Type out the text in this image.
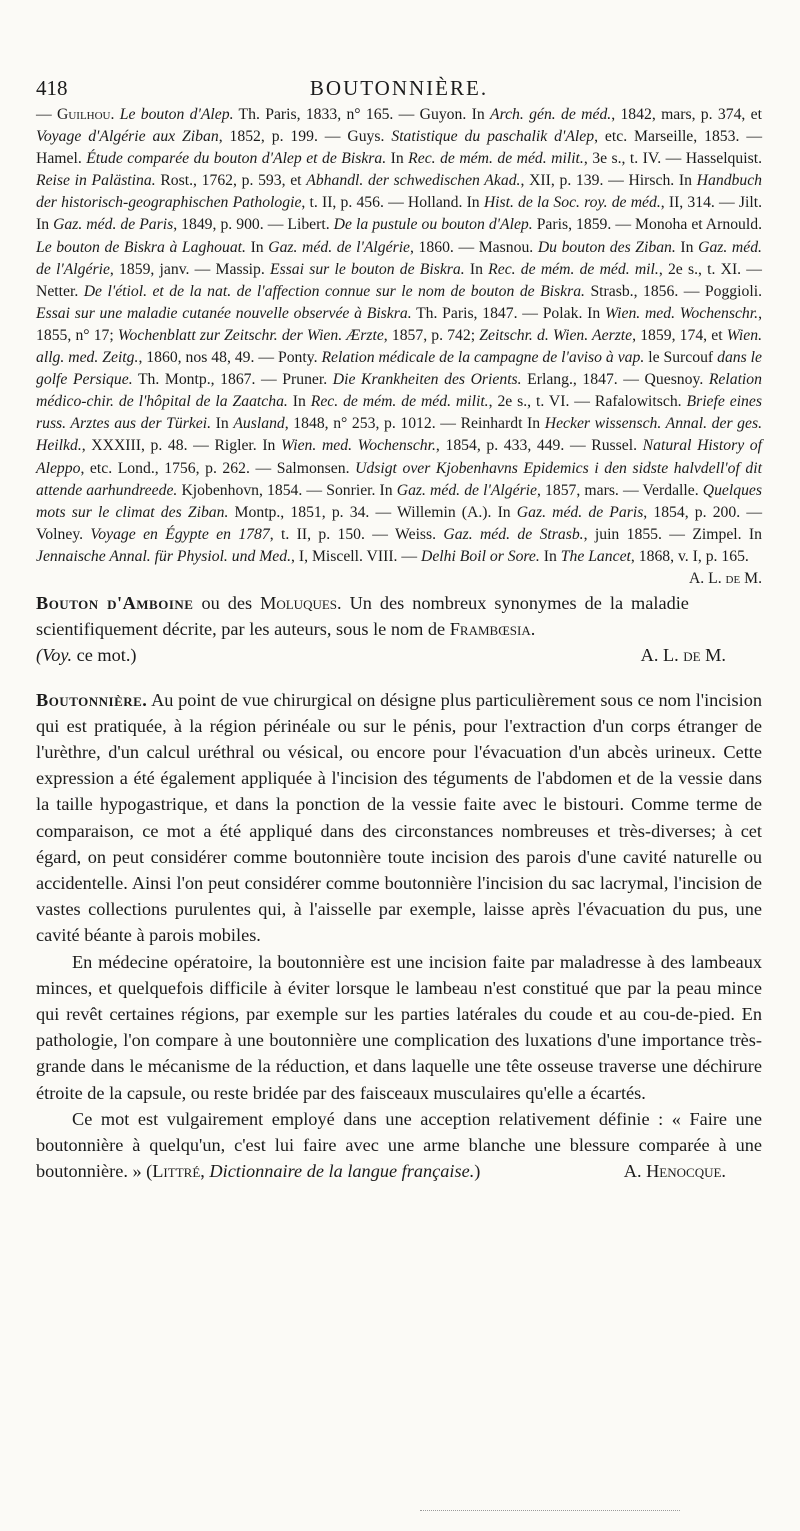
418	BOUTONNIÈRE.

— Guilhou. Le bouton d'Alep. Th. Paris, 1833, n° 165. — Guyon. In Arch. gén. de méd., 1842, mars, p. 374, et Voyage d'Algérie aux Ziban, 1852, p. 199. — Guys. Statistique du paschalik d'Alep, etc. Marseille, 1853. — Hamel. Étude comparée du bouton d'Alep et de Biskra. In Rec. de mém. de méd. milit., 3e s., t. IV. — Hasselquist. Reise in Palästina. Rost., 1762, p. 593, et Abhandl. der schwedischen Akad., XII, p. 139. — Hirsch. In Handbuch der historisch-geographischen Pathologie, t. II, p. 456. — Holland. In Hist. de la Soc. roy. de méd., II, 314. — Jilt. In Gaz. méd. de Paris, 1849, p. 900. — Libert. De la pustule ou bouton d'Alep. Paris, 1859. — Monoha et Arnould. Le bouton de Biskra à Laghouat. In Gaz. méd. de l'Algérie, 1860. — Masnou. Du bouton des Ziban. In Gaz. méd. de l'Algérie, 1859, janv. — Massip. Essai sur le bouton de Biskra. In Rec. de mém. de méd. mil., 2e s., t. XI. — Netter. De l'étiol. et de la nat. de l'affection connue sur le nom de bouton de Biskra. Strasb., 1856. — Poggioli. Essai sur une maladie cutanée nouvelle observée à Biskra. Th. Paris, 1847. — Polak. In Wien. med. Wochenschr., 1855, n° 17; Wochenblatt zur Zeitschr. der Wien. Ærzte, 1857, p. 742; Zeitschr. d. Wien. Aerzte, 1859, 174, et Wien. allg. med. Zeitg., 1860, nos 48, 49. — Ponty. Relation médicale de la campagne de l'aviso à vap. le Surcouf dans le golfe Persique. Th. Montp., 1867. — Pruner. Die Krankheiten des Orients. Erlang., 1847. — Quesnoy. Relation médico-chir. de l'hôpital de la Zaatcha. In Rec. de mém. de méd. milit., 2e s., t. VI. — Rafalowitsch. Briefe eines russ. Arztes aus der Türkei. In Ausland, 1848, n° 253, p. 1012. — Reinhardt In Hecker wissensch. Annal. der ges. Heilkd., XXXIII, p. 48. — Rigler. In Wien. med. Wochenschr., 1854, p. 433, 449. — Russel. Natural History of Aleppo, etc. Lond., 1756, p. 262. — Salmonsen. Udsigt over Kjobenhavns Epidemics i den sidste halvdell'of dit attende aarhundreede. Kjobenhovn, 1854. — Sonrier. In Gaz. méd. de l'Algérie, 1857, mars. — Verdalle. Quelques mots sur le climat des Ziban. Montp., 1851, p. 34. — Willemin (A.). In Gaz. méd. de Paris, 1854, p. 200. — Volney. Voyage en Égypte en 1787, t. II, p. 150. — Weiss. Gaz. méd. de Strasb., juin 1855. — Zimpel. In Jennaische Annal. für Physiol. und Med., I, Miscell. VIII. — Delhi Boil or Sore. In The Lancet, 1868, v. I, p. 165.
A. L. de M.

Bouton d'Amboine ou des Moluques. Un des nombreux synonymes de la maladie scientifiquement décrite, par les auteurs, sous le nom de Frambœsia.

(Voy. ce mot.)	A. L. de M.

Boutonnière. Au point de vue chirurgical on désigne plus particulièrement sous ce nom l'incision qui est pratiquée, à la région périnéale ou sur le pénis, pour l'extraction d'un corps étranger de l'urèthre, d'un calcul uréthral ou vésical, ou encore pour l'évacuation d'un abcès urineux. Cette expression a été également appliquée à l'incision des téguments de l'abdomen et de la vessie dans la taille hypogastrique, et dans la ponction de la vessie faite avec le bistouri. Comme terme de comparaison, ce mot a été appliqué dans des circonstances nombreuses et très-diverses; à cet égard, on peut considérer comme boutonnière toute incision des parois d'une cavité naturelle ou accidentelle. Ainsi l'on peut considérer comme boutonnière l'incision du sac lacrymal, l'incision de vastes collections purulentes qui, à l'aisselle par exemple, laisse après l'évacuation du pus, une cavité béante à parois mobiles.

En médecine opératoire, la boutonnière est une incision faite par maladresse à des lambeaux minces, et quelquefois difficile à éviter lorsque le lambeau n'est constitué que par la peau mince qui revêt certaines régions, par exemple sur les parties latérales du coude et au cou-de-pied. En pathologie, l'on compare à une boutonnière une complication des luxations d'une importance très-grande dans le mécanisme de la réduction, et dans laquelle une tête osseuse traverse une déchirure étroite de la capsule, ou reste bridée par des faisceaux musculaires qu'elle a écartés.

Ce mot est vulgairement employé dans une acception relativement définie : « Faire une boutonnière à quelqu'un, c'est lui faire avec une arme blanche une blessure comparée à une boutonnière. » (Littré, Dictionnaire de la langue française.)	A. Henocque.
